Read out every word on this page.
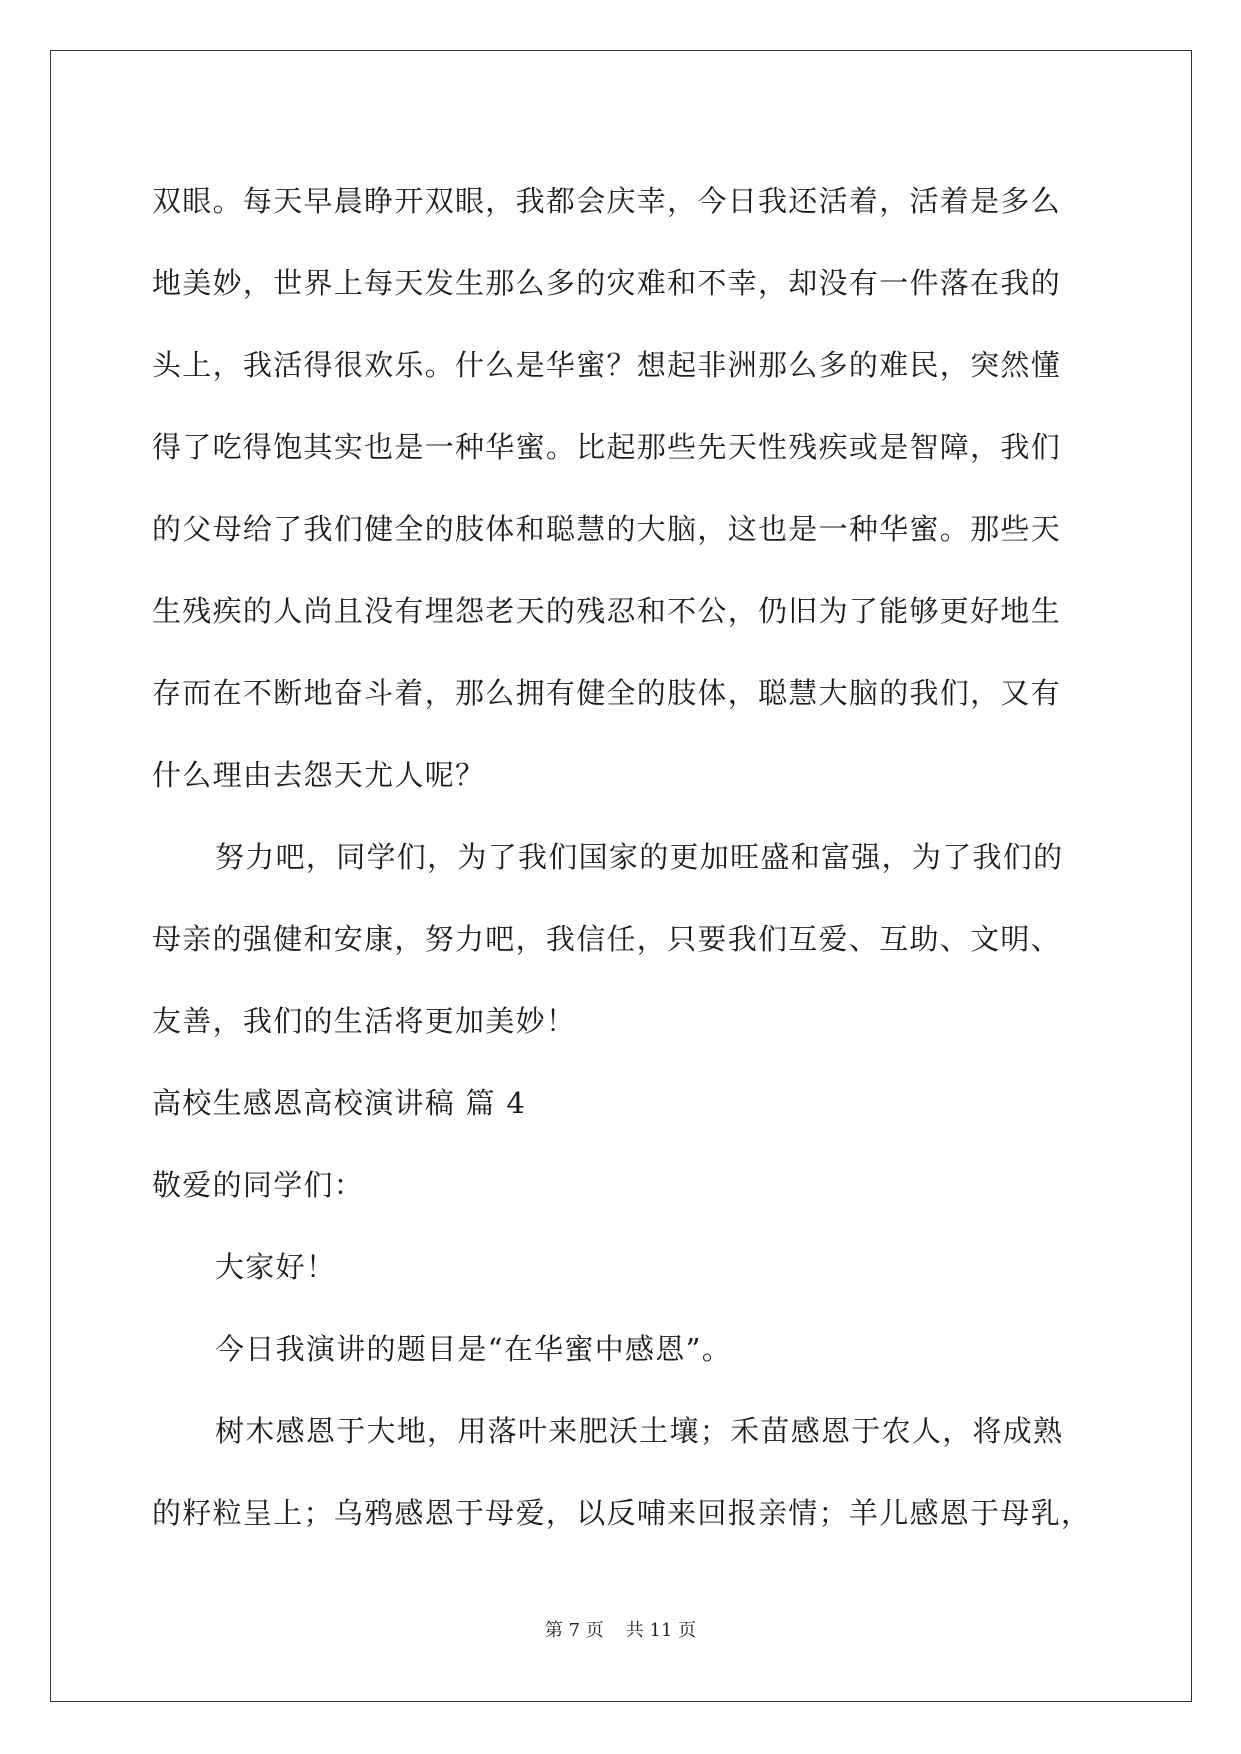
双眼。每天早晨睁开双眼，我都会庆幸，今日我还活着，活着是多么
地美妙，世界上每天发生那么多的灾难和不幸，却没有一件落在我的
头上，我活得很欢乐。什么是华蜜？想起非洲那么多的难民，突然懂
得了吃得饱其实也是一种华蜜。比起那些先天性残疾或是智障，我们
的父母给了我们健全的肢体和聪慧的大脑，这也是一种华蜜。那些天
生残疾的人尚且没有埋怨老天的残忍和不公，仍旧为了能够更好地生
存而在不断地奋斗着，那么拥有健全的肢体，聪慧大脑的我们，又有
什么理由去怨天尤人呢？
努力吧，同学们，为了我们国家的更加旺盛和富强，为了我们的
母亲的强健和安康，努力吧，我信任，只要我们互爱、互助、文明、
友善，我们的生活将更加美妙！
高校生感恩高校演讲稿 篇 4
敬爱的同学们：
大家好！
今日我演讲的题目是“在华蜜中感恩”。
树木感恩于大地，用落叶来肥沃土壤；禾苗感恩于农人，将成熟
的籽粒呈上；乌鸦感恩于母爱，以反哺来回报亲情；羊儿感恩于母乳，
第 7 页 共 11 页
